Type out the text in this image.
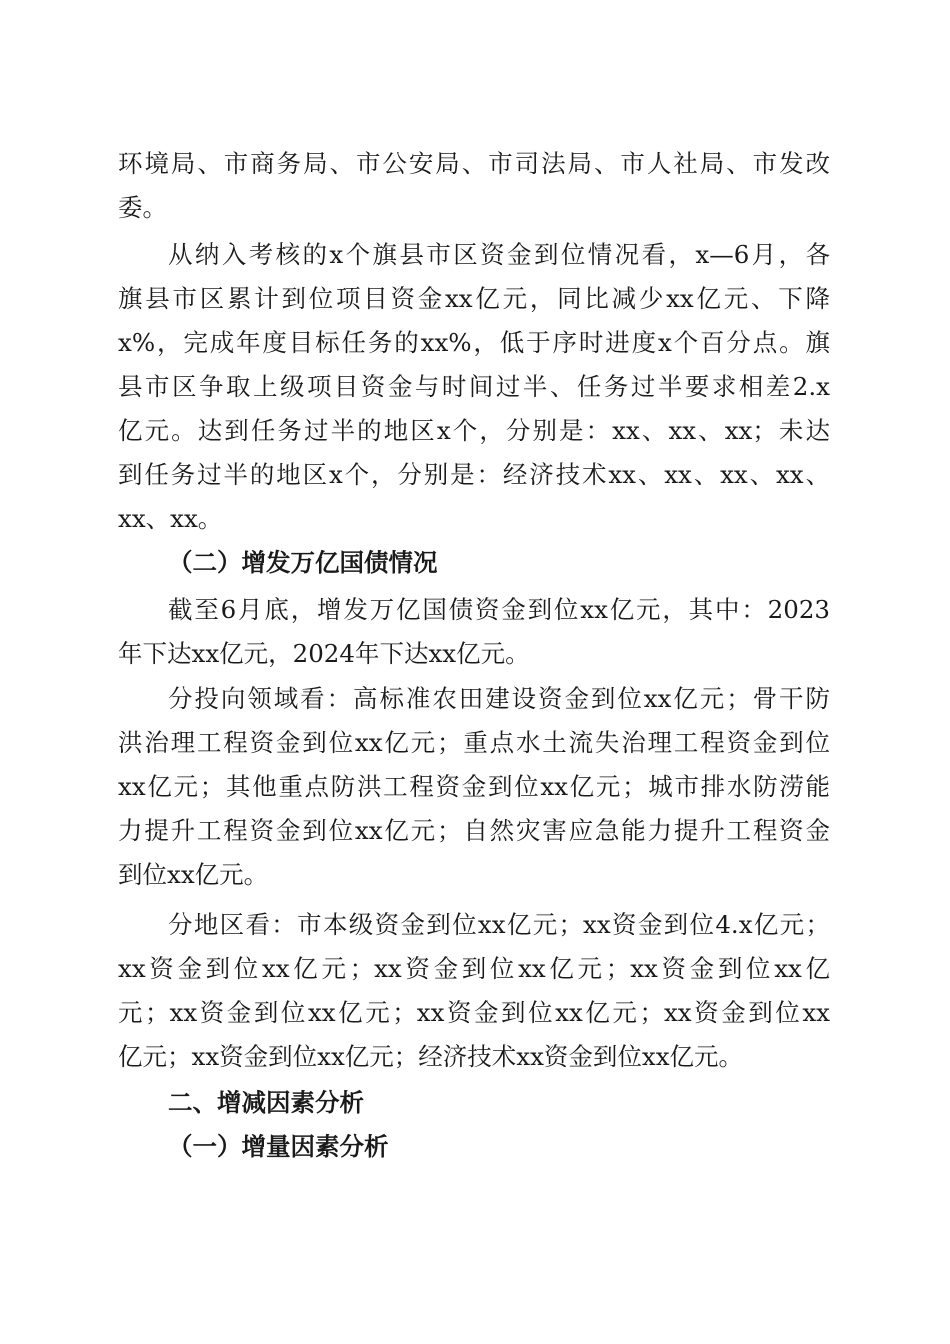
环境局、市商务局、市公安局、市司法局、市人社局、市发改
委。
从纳入考核的x个旗县市区资金到位情况看，x—6月，各
旗县市区累计到位项目资金xx亿元，同比减少xx亿元、下降
x%，完成年度目标任务的xx%，低于序时进度x个百分点。旗
县市区争取上级项目资金与时间过半、任务过半要求相差2.x
亿元。达到任务过半的地区x个，分别是：xx、xx、xx；未达
到任务过半的地区x个，分别是：经济技术xx、xx、xx、xx、
xx、xx。
（二）增发万亿国债情况
截至6月底，增发万亿国债资金到位xx亿元，其中：2023
年下达xx亿元，2024年下达xx亿元。
分投向领域看：高标准农田建设资金到位xx亿元；骨干防
洪治理工程资金到位xx亿元；重点水土流失治理工程资金到位
xx亿元；其他重点防洪工程资金到位xx亿元；城市排水防涝能
力提升工程资金到位xx亿元；自然灾害应急能力提升工程资金
到位xx亿元。
分地区看：市本级资金到位xx亿元；xx资金到位4.x亿元；
xx资金到位xx亿元；xx资金到位xx亿元；xx资金到位xx亿
元；xx资金到位xx亿元；xx资金到位xx亿元；xx资金到位xx
亿元；xx资金到位xx亿元；经济技术xx资金到位xx亿元。
二、增减因素分析
（一）增量因素分析
